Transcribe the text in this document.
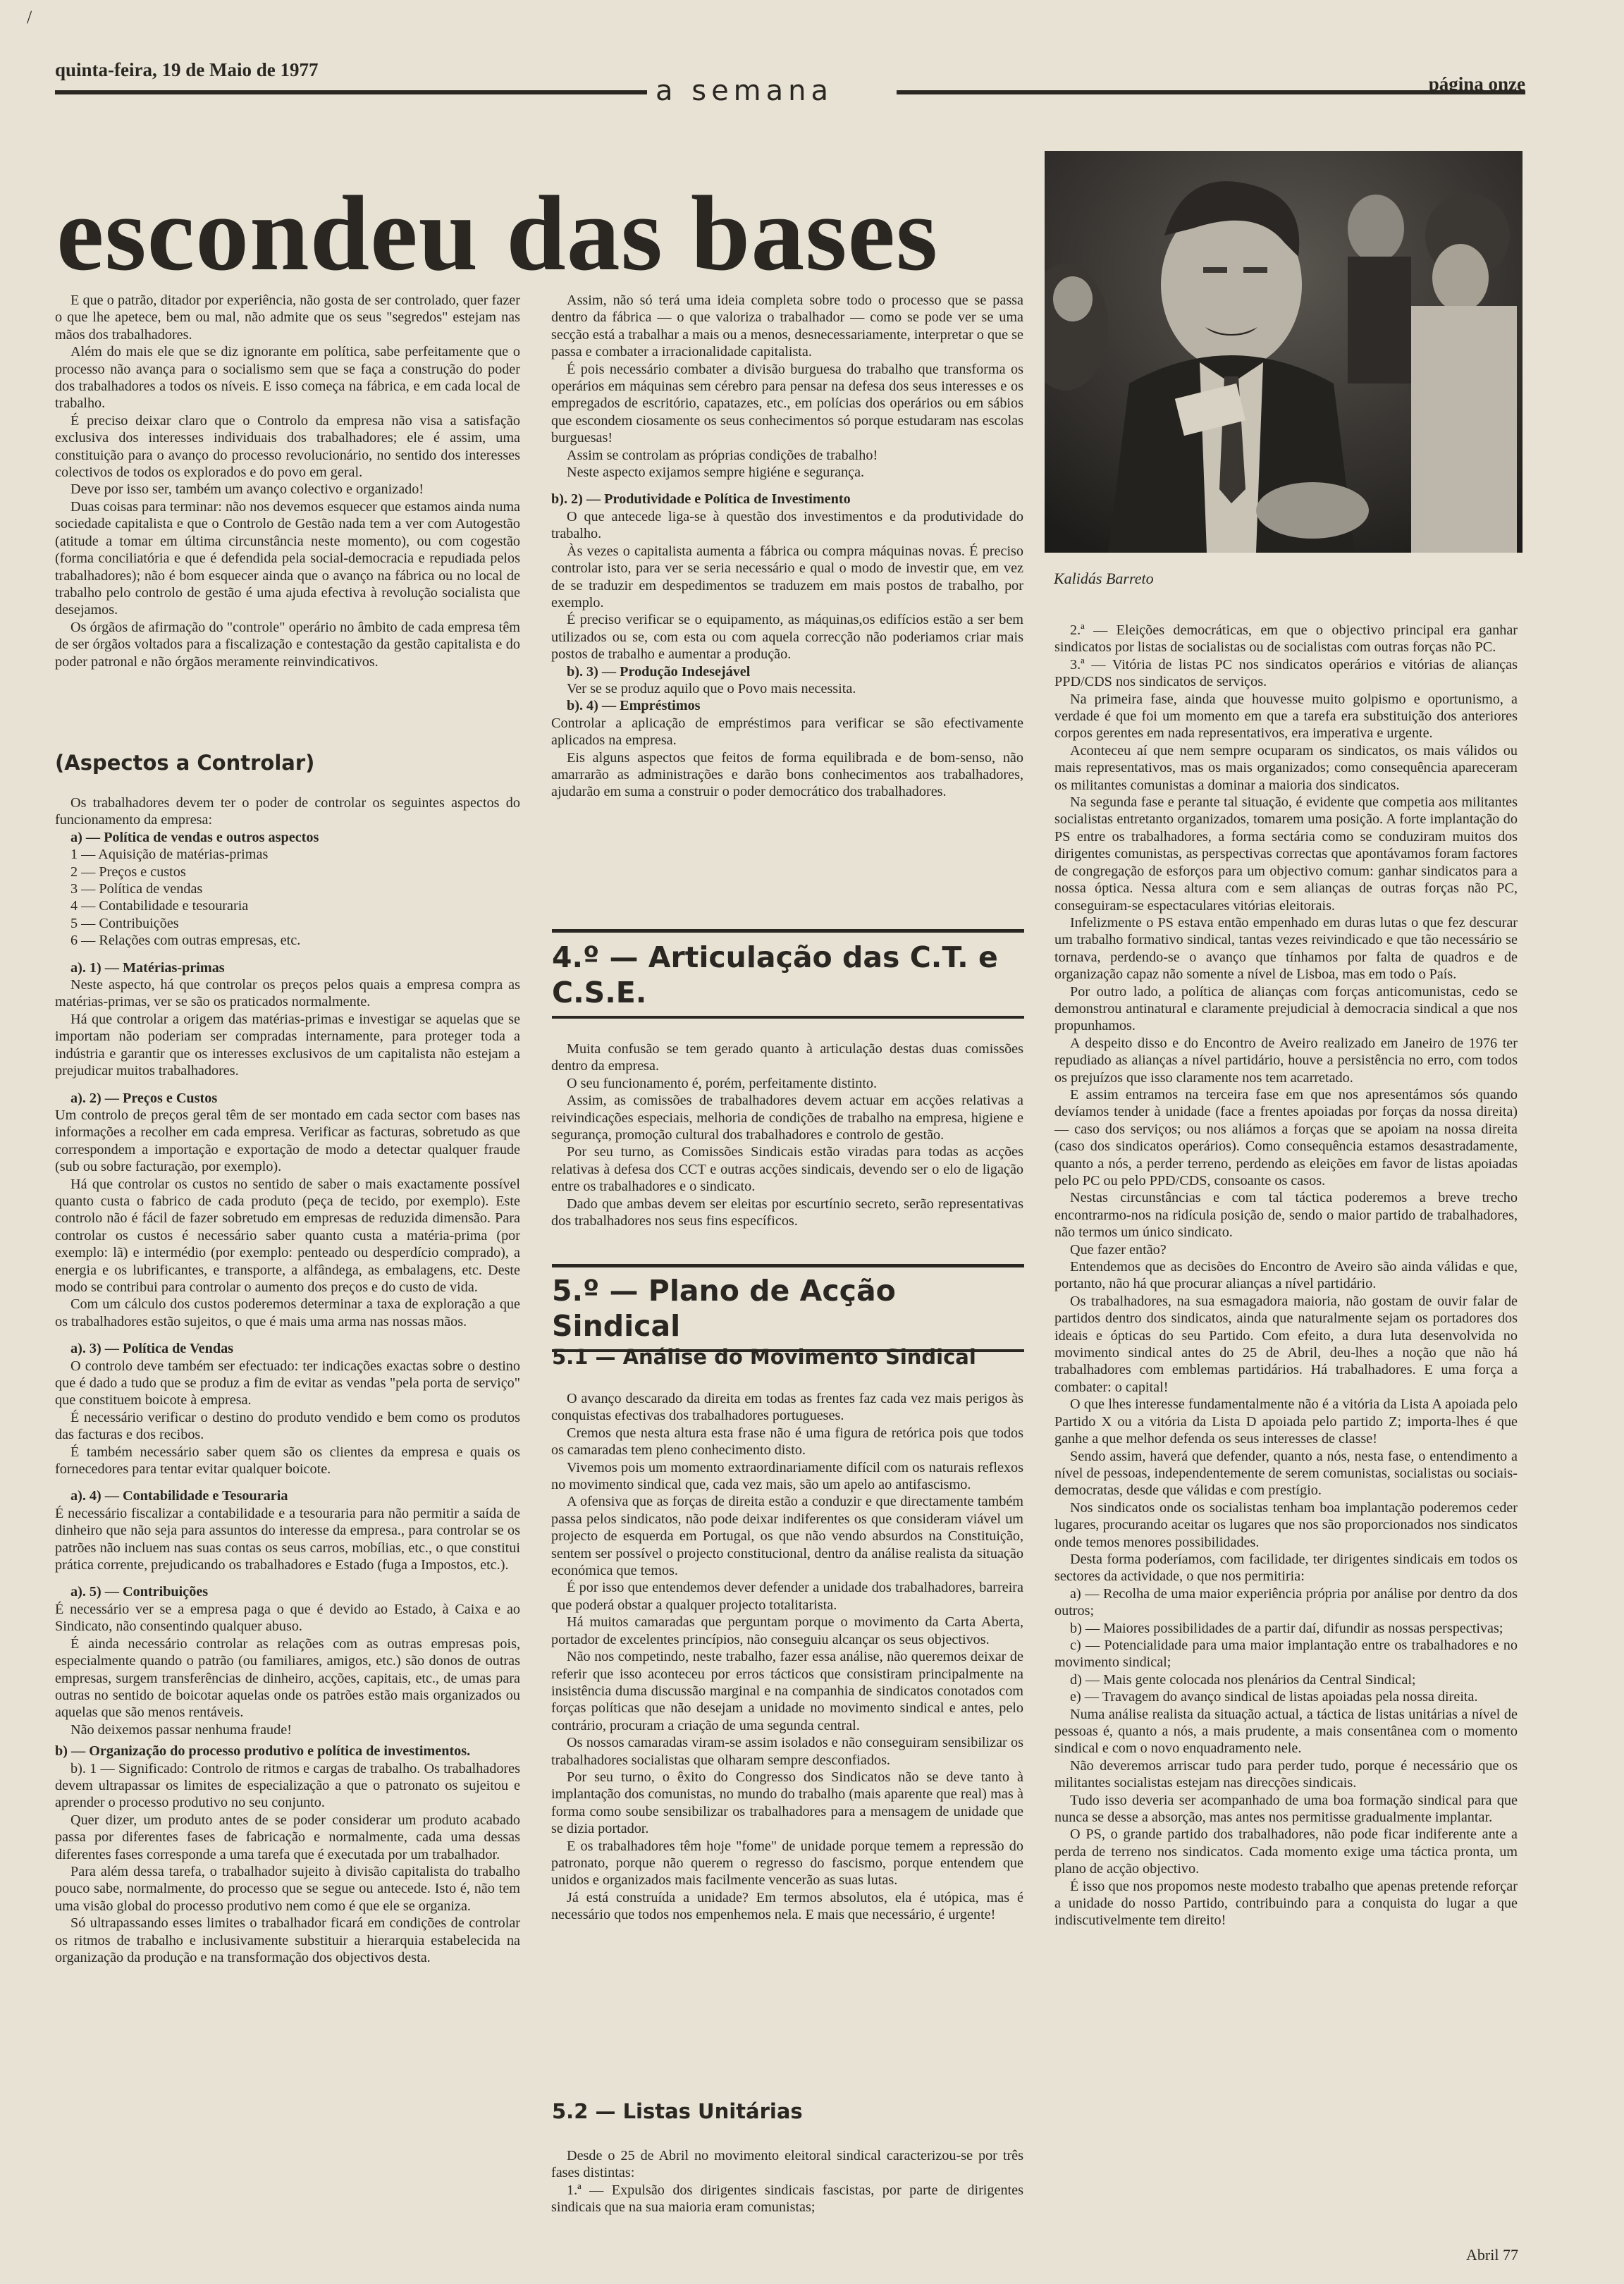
/
quinta-feira, 19 de Maio de 1977
a semana	página onze
escondeu das bases
Kalidás Barreto

E que o patrão, ditador por experiência, não gosta de ser controlado, quer fazer o que lhe apetece, bem ou mal, não admite que os seus "segredos" estejam nas mãos dos trabalhadores.

Além do mais ele que se diz ignorante em política, sabe perfeitamente que o processo não avança para o socialismo sem que se faça a construção do poder dos trabalhadores a todos os níveis. E isso começa na fábrica, e em cada local de trabalho.

É preciso deixar claro que o Controlo da empresa não visa a satisfação exclusiva dos interesses individuais dos trabalhadores; ele é assim, uma constituição para o avanço do processo revolucionário, no sentido dos interesses colectivos de todos os explorados e do povo em geral.

Deve por isso ser, também um avanço colectivo e organizado!

Duas coisas para terminar: não nos devemos esquecer que estamos ainda numa sociedade capitalista e que o Controlo de Gestão nada tem a ver com Autogestão (atitude a tomar em última circunstância neste momento), ou com cogestão (forma conciliatória e que é defendida pela social-democracia e repudiada pelos trabalhadores); não é bom esquecer ainda que o avanço na fábrica ou no local de trabalho pelo controlo de gestão é uma ajuda efectiva à revolução socialista que desejamos.

Os órgãos de afirmação do "controle" operário no âmbito de cada empresa têm de ser órgãos voltados para a fiscalização e contestação da gestão capitalista e do poder patronal e não órgãos meramente reinvindicativos.

(Aspectos a Controlar)

Os trabalhadores devem ter o poder de controlar os seguintes aspectos do funcionamento da empresa:

a) — Política de vendas e outros aspectos

1 — Aquisição de matérias-primas

2 — Preços e custos

3 — Política de vendas

4 — Contabilidade e tesouraria

5 — Contribuições

6 — Relações com outras empresas, etc.

a). 1) — Matérias-primas

Neste aspecto, há que controlar os preços pelos quais a empresa compra as matérias-primas, ver se são os praticados normalmente.

Há que controlar a origem das matérias-primas e investigar se aquelas que se importam não poderiam ser compradas internamente, para proteger toda a indústria e garantir que os interesses exclusivos de um capitalista não estejam a prejudicar muitos trabalhadores.

a). 2) — Preços e Custos

Um controlo de preços geral têm de ser montado em cada sector com bases nas informações a recolher em cada empresa. Verificar as facturas, sobretudo as que correspondem a importação e exportação de modo a detectar qualquer fraude (sub ou sobre facturação, por exemplo).

Há que controlar os custos no sentido de saber o mais exactamente possível quanto custa o fabrico de cada produto (peça de tecido, por exemplo). Este controlo não é fácil de fazer sobretudo em empresas de reduzida dimensão. Para controlar os custos é necessário saber quanto custa a matéria-prima (por exemplo: lã) e intermédio (por exemplo: penteado ou desperdício comprado), a energia e os lubrificantes, e transporte, a alfândega, as embalagens, etc. Deste modo se contribui para controlar o aumento dos preços e do custo de vida.

Com um cálculo dos custos poderemos determinar a taxa de exploração a que os trabalhadores estão sujeitos, o que é mais uma arma nas nossas mãos.

a). 3) — Política de Vendas

O controlo deve também ser efectuado: ter indicações exactas sobre o destino que é dado a tudo que se produz a fim de evitar as vendas "pela porta de serviço" que constituem boicote à empresa.

É necessário verificar o destino do produto vendido e bem como os produtos das facturas e dos recibos.

É também necessário saber quem são os clientes da empresa e quais os fornecedores para tentar evitar qualquer boicote.

a). 4) — Contabilidade e Tesouraria

É necessário fiscalizar a contabilidade e a tesouraria para não permitir a saída de dinheiro que não seja para assuntos do interesse da empresa., para controlar se os patrões não incluem nas suas contas os seus carros, mobílias, etc., o que constitui prática corrente, prejudicando os trabalhadores e Estado (fuga a Impostos, etc.).

a). 5) — Contribuições

É necessário ver se a empresa paga o que é devido ao Estado, à Caixa e ao Sindicato, não consentindo qualquer abuso.

É ainda necessário controlar as relações com as outras empresas pois, especialmente quando o patrão (ou familiares, amigos, etc.) são donos de outras empresas, surgem transferências de dinheiro, acções, capitais, etc., de umas para outras no sentido de boicotar aquelas onde os patrões estão mais organizados ou aquelas que são menos rentáveis.

Não deixemos passar nenhuma fraude!

b) — Organização do processo produtivo e política de investimentos.

b). 1 — Significado: Controlo de ritmos e cargas de trabalho. Os trabalhadores devem ultrapassar os limites de especialização a que o patronato os sujeitou e aprender o processo produtivo no seu conjunto.

Quer dizer, um produto antes de se poder considerar um produto acabado passa por diferentes fases de fabricação e normalmente, cada uma dessas diferentes fases corresponde a uma tarefa que é executada por um trabalhador.

Para além dessa tarefa, o trabalhador sujeito à divisão capitalista do trabalho pouco sabe, normalmente, do processo que se segue ou antecede. Isto é, não tem uma visão global do processo produtivo nem como é que ele se organiza.

Só ultrapassando esses limites o trabalhador ficará em condições de controlar os ritmos de trabalho e inclusivamente substituir a hierarquia estabelecida na organização da produção e na transformação dos objectivos desta.

Assim, não só terá uma ideia completa sobre todo o processo que se passa dentro da fábrica — o que valoriza o trabalhador — como se pode ver se uma secção está a trabalhar a mais ou a menos, desnecessariamente, interpretar o que se passa e combater a irracionalidade capitalista.

É pois necessário combater a divisão burguesa do trabalho que transforma os operários em máquinas sem cérebro para pensar na defesa dos seus interesses e os empregados de escritório, capatazes, etc., em polícias dos operários ou em sábios que escondem ciosamente os seus conhecimentos só porque estudaram nas escolas burguesas!

Assim se controlam as próprias condições de trabalho!

Neste aspecto exijamos sempre higiéne e segurança.

b). 2) — Produtividade e Política de Investimento

O que antecede liga-se à questão dos investimentos e da produtividade do trabalho.

Às vezes o capitalista aumenta a fábrica ou compra máquinas novas. É preciso controlar isto, para ver se seria necessário e qual o modo de investir que, em vez de se traduzir em despedimentos se traduzem em mais postos de trabalho, por exemplo.

É preciso verificar se o equipamento, as máquinas,os edifícios estão a ser bem utilizados ou se, com esta ou com aquela correcção não poderiamos criar mais postos de trabalho e aumentar a produção.

b). 3) — Produção Indesejável

Ver se se produz aquilo que o Povo mais necessita.

b). 4) — Empréstimos

Controlar a aplicação de empréstimos para verificar se são efectivamente aplicados na empresa.

Eis alguns aspectos que feitos de forma equilibrada e de bom-senso, não amarrarão as administrações e darão bons conhecimentos aos trabalhadores, ajudarão em suma a construir o poder democrático dos trabalhadores.

4.º — Articulação das C.T. e C.S.E.

Muita confusão se tem gerado quanto à articulação destas duas comissões dentro da empresa.

O seu funcionamento é, porém, perfeitamente distinto.

Assim, as comissões de trabalhadores devem actuar em acções relativas a reivindicações especiais, melhoria de condições de trabalho na empresa, higiene e segurança, promoção cultural dos trabalhadores e controlo de gestão.

Por seu turno, as Comissões Sindicais estão viradas para todas as acções relativas à defesa dos CCT e outras acções sindicais, devendo ser o elo de ligação entre os trabalhadores e o sindicato.

Dado que ambas devem ser eleitas por escurtínio secreto, serão representativas dos trabalhadores nos seus fins específicos.

5.º — Plano de Acção Sindical
5.1 — Análise do Movimento Sindical

O avanço descarado da direita em todas as frentes faz cada vez mais perigos às conquistas efectivas dos trabalhadores portugueses.

Cremos que nesta altura esta frase não é uma figura de retórica pois que todos os camaradas tem pleno conhecimento disto.

Vivemos pois um momento extraordinariamente difícil com os naturais reflexos no movimento sindical que, cada vez mais, são um apelo ao antifascismo.

A ofensiva que as forças de direita estão a conduzir e que directamente também passa pelos sindicatos, não pode deixar indiferentes os que consideram viável um projecto de esquerda em Portugal, os que não vendo absurdos na Constituição, sentem ser possível o projecto constitucional, dentro da análise realista da situação económica que temos.

É por isso que entendemos dever defender a unidade dos trabalhadores, barreira que poderá obstar a qualquer projecto totalitarista.

Há muitos camaradas que perguntam porque o movimento da Carta Aberta, portador de excelentes princípios, não conseguiu alcançar os seus objectivos.

Não nos competindo, neste trabalho, fazer essa análise, não queremos deixar de referir que isso aconteceu por erros tácticos que consistiram principalmente na insistência duma discussão marginal e na companhia de sindicatos conotados com forças políticas que não desejam a unidade no movimento sindical e antes, pelo contrário, procuram a criação de uma segunda central.

Os nossos camaradas viram-se assim isolados e não conseguiram sensibilizar os trabalhadores socialistas que olharam sempre desconfiados.

Por seu turno, o êxito do Congresso dos Sindicatos não se deve tanto à implantação dos comunistas, no mundo do trabalho (mais aparente que real) mas à forma como soube sensibilizar os trabalhadores para a mensagem de unidade que se dizia portador.

E os trabalhadores têm hoje "fome" de unidade porque temem a repressão do patronato, porque não querem o regresso do fascismo, porque entendem que unidos e organizados mais facilmente vencerão as suas lutas.

Já está construída a unidade? Em termos absolutos, ela é utópica, mas é necessário que todos nos empenhemos nela. E mais que necessário, é urgente!

5.2 — Listas Unitárias

Desde o 25 de Abril no movimento eleitoral sindical caracterizou-se por três fases distintas:

1.ª — Expulsão dos dirigentes sindicais fascistas, por parte de dirigentes sindicais que na sua maioria eram comunistas;

2.ª — Eleições democráticas, em que o objectivo principal era ganhar sindicatos por listas de socialistas ou de socialistas com outras forças não PC.

3.ª — Vitória de listas PC nos sindicatos operários e vitórias de alianças PPD/CDS nos sindicatos de serviços.

Na primeira fase, ainda que houvesse muito golpismo e oportunismo, a verdade é que foi um momento em que a tarefa era substituição dos anteriores corpos gerentes em nada representativos, era imperativa e urgente.

Aconteceu aí que nem sempre ocuparam os sindicatos, os mais válidos ou mais representativos, mas os mais organizados; como consequência apareceram os militantes comunistas a dominar a maioria dos sindicatos.

Na segunda fase e perante tal situação, é evidente que competia aos militantes socialistas entretanto organizados, tomarem uma posição. A forte implantação do PS entre os trabalhadores, a forma sectária como se conduziram muitos dos dirigentes comunistas, as perspectivas correctas que apontávamos foram factores de congregação de esforços para um objectivo comum: ganhar sindicatos para a nossa óptica. Nessa altura com e sem alianças de outras forças não PC, conseguiram-se espectaculares vitórias eleitorais.

Infelizmente o PS estava então empenhado em duras lutas o que fez descurar um trabalho formativo sindical, tantas vezes reivindicado e que tão necessário se tornava, perdendo-se o avanço que tínhamos por falta de quadros e de organização capaz não somente a nível de Lisboa, mas em todo o País.

Por outro lado, a política de alianças com forças anticomunistas, cedo se demonstrou antinatural e claramente prejudicial à democracia sindical a que nos propunhamos.

A despeito disso e do Encontro de Aveiro realizado em Janeiro de 1976 ter repudiado as alianças a nível partidário, houve a persistência no erro, com todos os prejuízos que isso claramente nos tem acarretado.

E assim entramos na terceira fase em que nos apresentámos sós quando devíamos tender à unidade (face a frentes apoiadas por forças da nossa direita) — caso dos serviços; ou nos aliámos a forças que se apoiam na nossa direita (caso dos sindicatos operários). Como consequência estamos desastradamente, quanto a nós, a perder terreno, perdendo as eleições em favor de listas apoiadas pelo PC ou pelo PPD/CDS, consoante os casos.

Nestas circunstâncias e com tal táctica poderemos a breve trecho encontrarmo-nos na ridícula posição de, sendo o maior partido de trabalhadores, não termos um único sindicato.

Que fazer então?

Entendemos que as decisões do Encontro de Aveiro são ainda válidas e que, portanto, não há que procurar alianças a nível partidário.

Os trabalhadores, na sua esmagadora maioria, não gostam de ouvir falar de partidos dentro dos sindicatos, ainda que naturalmente sejam os portadores dos ideais e ópticas do seu Partido. Com efeito, a dura luta desenvolvida no movimento sindical antes do 25 de Abril, deu-lhes a noção que não há trabalhadores com emblemas partidários. Há trabalhadores. E uma força a combater: o capital!

O que lhes interesse fundamentalmente não é a vitória da Lista A apoiada pelo Partido X ou a vitória da Lista D apoiada pelo partido Z; importa-lhes é que ganhe a que melhor defenda os seus interesses de classe!

Sendo assim, haverá que defender, quanto a nós, nesta fase, o entendimento a nível de pessoas, independentemente de serem comunistas, socialistas ou sociais-democratas, desde que válidas e com prestígio.

Nos sindicatos onde os socialistas tenham boa implantação poderemos ceder lugares, procurando aceitar os lugares que nos são proporcionados nos sindicatos onde temos menores possibilidades.

Desta forma poderíamos, com facilidade, ter dirigentes sindicais em todos os sectores da actividade, o que nos permitiria:

a) — Recolha de uma maior experiência própria por análise por dentro da dos outros;

b) — Maiores possibilidades de a partir daí, difundir as nossas perspectivas;

c) — Potencialidade para uma maior implantação entre os trabalhadores e no movimento sindical;

d) — Mais gente colocada nos plenários da Central Sindical;

e) — Travagem do avanço sindical de listas apoiadas pela nossa direita.

Numa análise realista da situação actual, a táctica de listas unitárias a nível de pessoas é, quanto a nós, a mais prudente, a mais consentânea com o momento sindical e com o novo enquadramento nele.

Não deveremos arriscar tudo para perder tudo, porque é necessário que os militantes socialistas estejam nas direcções sindicais.

Tudo isso deveria ser acompanhado de uma boa formação sindical para que nunca se desse a absorção, mas antes nos permitisse gradualmente implantar.

O PS, o grande partido dos trabalhadores, não pode ficar indiferente ante a perda de terreno nos sindicatos. Cada momento exige uma táctica pronta, um plano de acção objectivo.

É isso que nos propomos neste modesto trabalho que apenas pretende reforçar a unidade do nosso Partido, contribuindo para a conquista do lugar a que indiscutivelmente tem direito!

Abril 77
